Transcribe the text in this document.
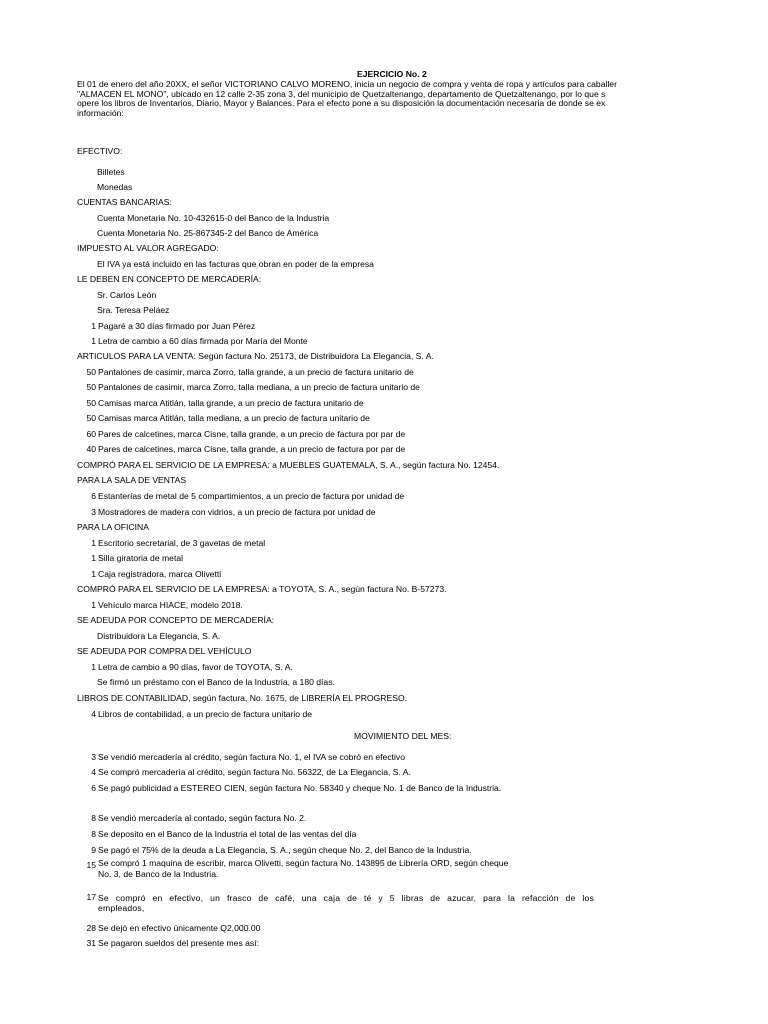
EJERCICIO No. 2
El 01 de enero del año 20XX, el señor VICTORIANO CALVO MORENO, inicia un negocio de compra y venta de ropa y artículos para caballer
"ALMACEN EL MONO", ubicado en 12 calle 2-35 zona 3, del municipio de Quetzaltenango, departamento de Quetzaltenango, por lo que s
opere los libros de Inventarios, Diario, Mayor y Balances. Para el efecto pone a su disposición la documentación necesaria de donde se ex
información:
EFECTIVO:
Billetes
Monedas
CUENTAS BANCARIAS:
Cuenta Monetaria No. 10-432615-0 del Banco de la Industria
Cuenta Monetaria No. 25-867345-2 del Banco de América
IMPUESTO AL VALOR AGREGADO:
El IVA ya está incluido en las facturas que obran en poder de la empresa
LE DEBEN EN CONCEPTO DE MERCADERÍA:
Sr. Carlos León
Sra. Teresa Peláez
1 Pagaré a 30 días firmado por Juan Pérez
1 Letra de cambio a 60 días firmada por María del Monte
ARTICULOS PARA LA VENTA: Según factura No. 25173, de Distribuidora La Elegancia, S. A.
50 Pantalones de casimir, marca Zorro, talla grande, a un precio de factura unitario de
50 Pantalones de casimir, marca Zorro, talla mediana, a un precio de factura unitario de
50 Camisas marca Atitlán, talla grande, a un precio de factura unitario de
50 Camisas marca Atitlán, talla mediana, a un precio de factura unitario de
60 Pares de calcetines, marca Cisne, talla grande, a un precio de factura por par de
40 Pares de calcetines, marca Cisne, talla grande, a un precio de factura por par de
COMPRÓ PARA EL SERVICIO DE LA EMPRESA: a MUEBLES GUATEMALA, S. A., según factura No. 12454.
PARA LA SALA DE VENTAS
6 Estanterías de metal de 5 compartimientos, a un precio de factura por unidad de
3 Mostradores de madera con vidrios, a un precio de factura por unidad de
PARA LA OFICINA
1 Escritorio secretarial, de 3 gavetas de metal
1 Silla giratoria de metal
1 Caja registradora, marca Olivetti
COMPRÓ PARA EL SERVICIO DE LA EMPRESA: a TOYOTA, S. A., según factura No. B-57273.
1 Vehículo marca HIACE, modelo 2018.
SE ADEUDA POR CONCEPTO DE MERCADERÍA:
Distribuidora La Elegancia, S. A.
SE ADEUDA POR COMPRA DEL VEHÍCULO
1 Letra de cambio a 90 días, favor de TOYOTA, S. A.
Se firmó un préstamo con el Banco de la Industria, a 180 días.
LIBROS DE CONTABILIDAD, según factura, No. 1675, de LIBRERÍA EL PROGRESO.
4 Libros de contabilidad, a un precio de factura unitario de
MOVIMIENTO DEL MES:
3 Se vendió mercadería al crédito, según factura No. 1, el IVA se cobró en efectivo
4 Se compró mercadería al crédito, según factura No. 56322, de La Elegancia, S. A.
6 Se pagó publicidad a ESTEREO CIEN, según factura No. 58340 y cheque No. 1 de Banco de la Industria.
8 Se vendió mercadería al contado, según factura No. 2.
8 Se deposito en el Banco de la Industria el total de las ventas del día
9 Se pagó el 75% de la deuda a La Elegancia, S. A., según cheque No. 2, del Banco de la Industria.
15 Se compró 1 maquina de escribir, marca Olivetti, según factura No. 143895 de Librería ORD, según cheque
No. 3, de Banco de la Industria.
17 Se compró en efectivo, un frasco de café, una caja de té y 5 libras de azucar, para la refacción de los empleados,
28 Se dejó en efectivo únicamente Q2,000.00
31 Se pagaron sueldos del presente mes así:
